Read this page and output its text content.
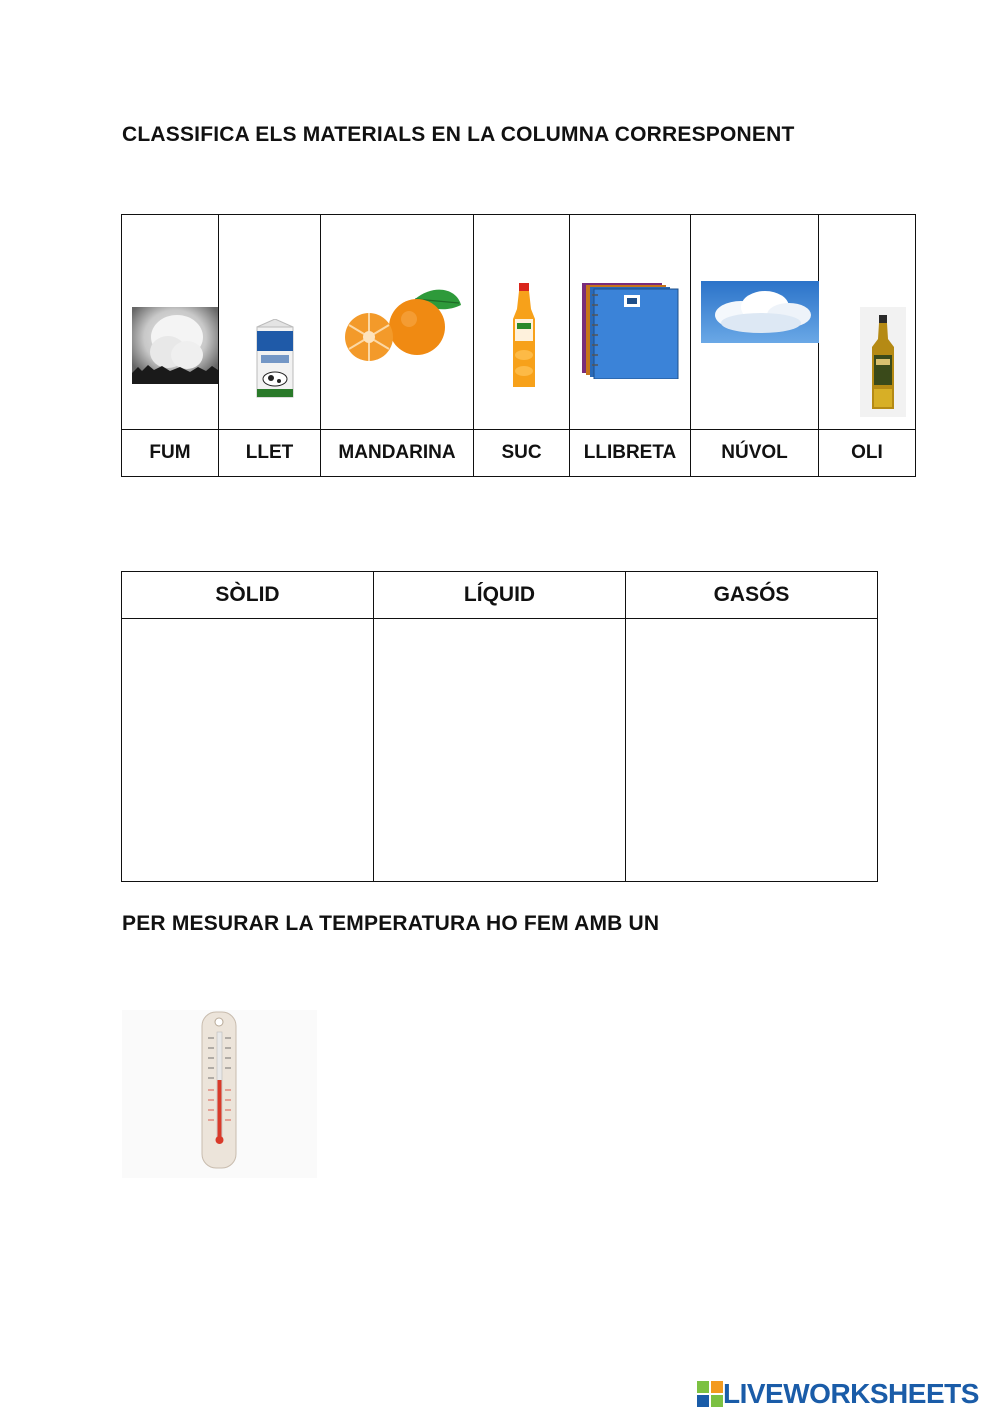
CLASSIFICA ELS MATERIALS EN LA COLUMNA CORRESPONENT

FUM	LLET	MANDARINA	SUC	LLIBRETA	NÚVOL	OLI
SÒLID	LÍQUID	GASÓS

PER MESURAR LA TEMPERATURA HO FEM AMB UN
LIVEWORKSHEETS
